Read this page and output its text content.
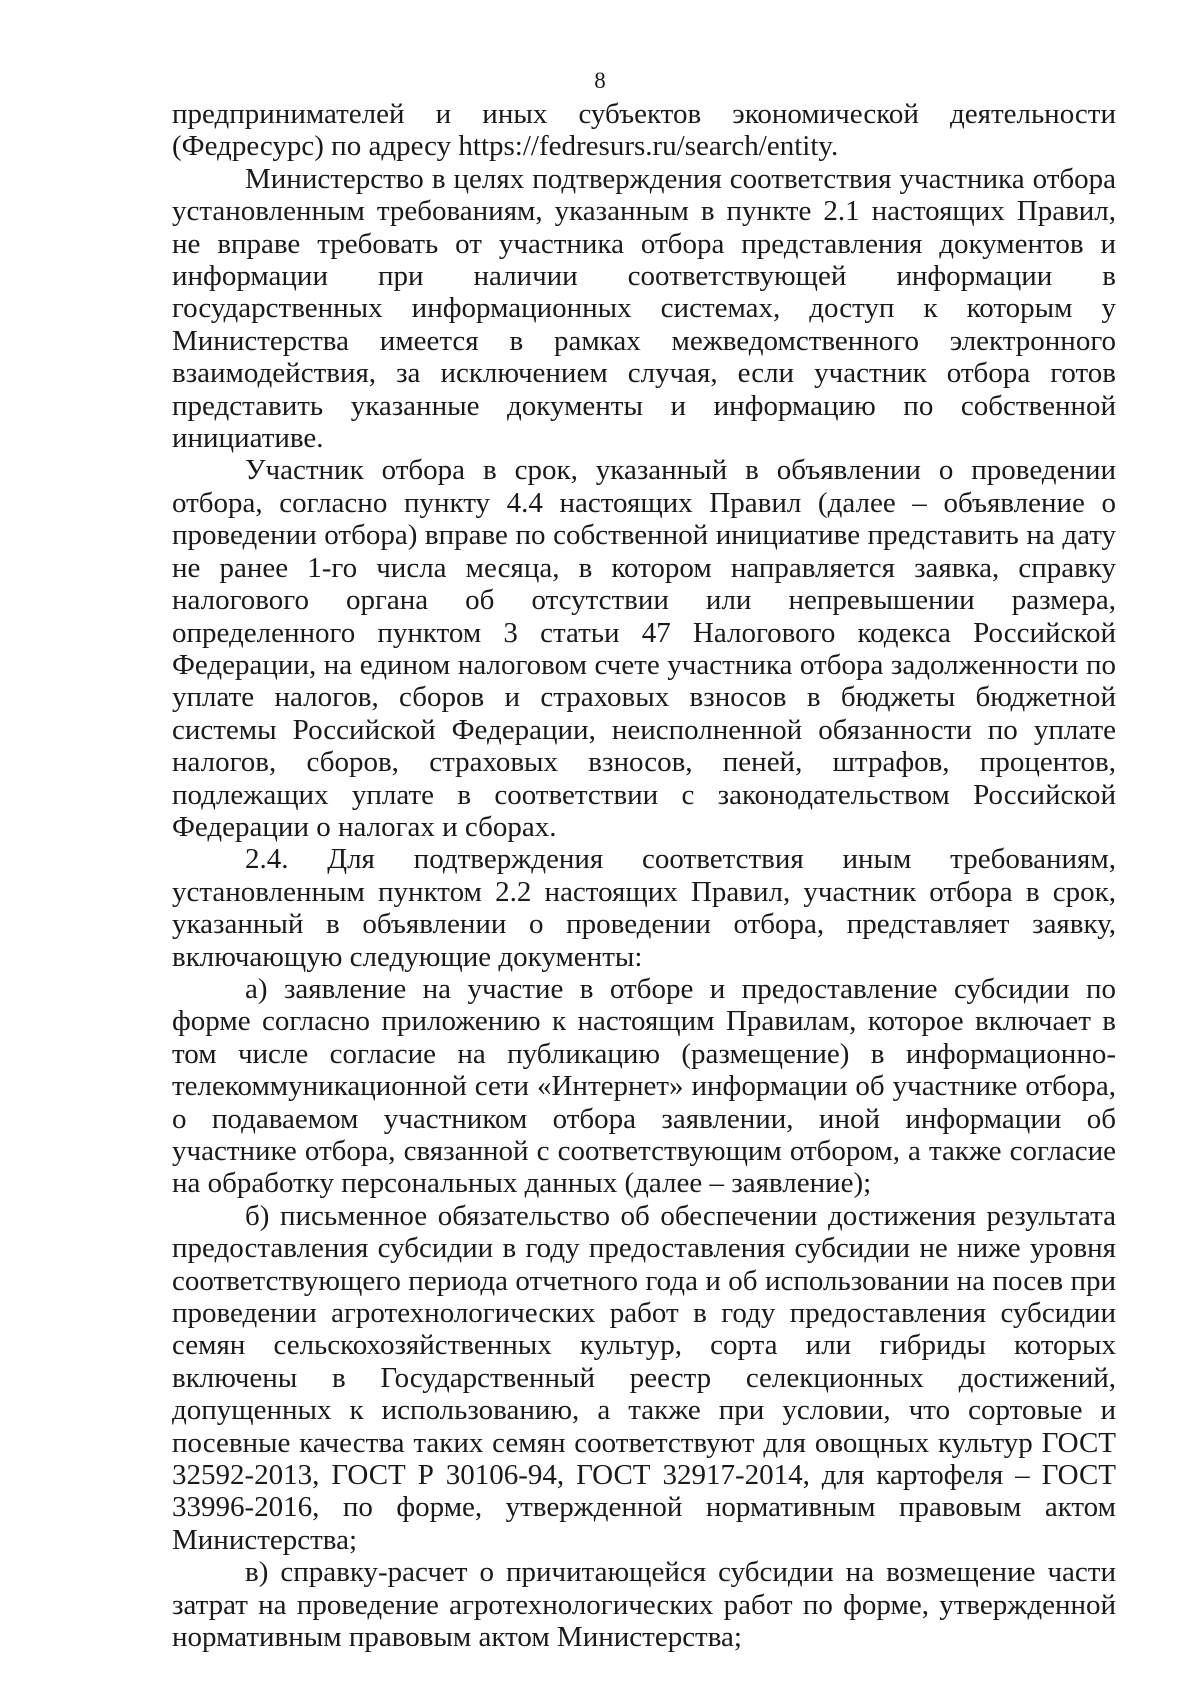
8

предпринимателей и иных субъектов экономической деятельности (Федресурс) по адресу https://fedresurs.ru/search/entity.

Министерство в целях подтверждения соответствия участника отбора установленным требованиям, указанным в пункте 2.1 настоящих Правил, не вправе требовать от участника отбора представления документов и информации при наличии соответствующей информации в государственных информационных системах, доступ к которым у Министерства имеется в рамках межведомственного электронного взаимодействия, за исключением случая, если участник отбора готов представить указанные документы и информацию по собственной инициативе.

Участник отбора в срок, указанный в объявлении о проведении отбора, согласно пункту 4.4 настоящих Правил (далее – объявление о проведении отбора) вправе по собственной инициативе представить на дату не ранее 1-го числа месяца, в котором направляется заявка, справку налогового органа об отсутствии или непревышении размера, определенного пунктом 3 статьи 47 Налогового кодекса Российской Федерации, на едином налоговом счете участника отбора задолженности по уплате налогов, сборов и страховых взносов в бюджеты бюджетной системы Российской Федерации, неисполненной обязанности по уплате налогов, сборов, страховых взносов, пеней, штрафов, процентов, подлежащих уплате в соответствии с законодательством Российской Федерации о налогах и сборах.

2.4. Для подтверждения соответствия иным требованиям, установленным пунктом 2.2 настоящих Правил, участник отбора в срок, указанный в объявлении о проведении отбора, представляет заявку, включающую следующие документы:

а) заявление на участие в отборе и предоставление субсидии по форме согласно приложению к настоящим Правилам, которое включает в том числе согласие на публикацию (размещение) в информационно-телекоммуникационной сети «Интернет» информации об участнике отбора, о подаваемом участником отбора заявлении, иной информации об участнике отбора, связанной с соответствующим отбором, а также согласие на обработку персональных данных (далее – заявление);

б) письменное обязательство об обеспечении достижения результата предоставления субсидии в году предоставления субсидии не ниже уровня соответствующего периода отчетного года и об использовании на посев при проведении агротехнологических работ в году предоставления субсидии семян сельскохозяйственных культур, сорта или гибриды которых включены в Государственный реестр селекционных достижений, допущенных к использованию, а также при условии, что сортовые и посевные качества таких семян соответствуют для овощных культур ГОСТ 32592-2013, ГОСТ Р 30106-94, ГОСТ 32917-2014, для картофеля – ГОСТ 33996-2016, по форме, утвержденной нормативным правовым актом Министерства;

в) справку-расчет о причитающейся субсидии на возмещение части затрат на проведение агротехнологических работ по форме, утвержденной нормативным правовым актом Министерства;
